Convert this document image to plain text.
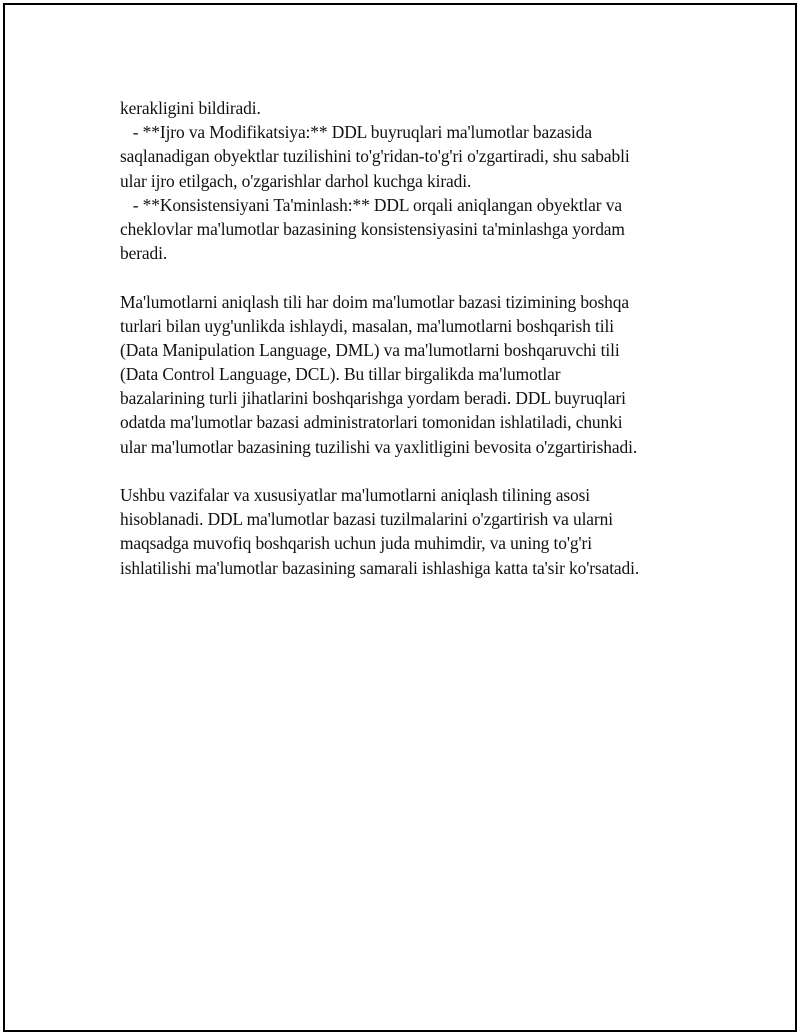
kerakligini bildiradi.
- **Ijro va Modifikatsiya:** DDL buyruqlari ma'lumotlar bazasida
saqlanadigan obyektlar tuzilishini to'g'ridan-to'g'ri o'zgartiradi, shu sababli
ular ijro etilgach, o'zgarishlar darhol kuchga kiradi.
- **Konsistensiyani Ta'minlash:** DDL orqali aniqlangan obyektlar va
cheklovlar ma'lumotlar bazasining konsistensiyasini ta'minlashga yordam
beradi.
Ma'lumotlarni aniqlash tili har doim ma'lumotlar bazasi tizimining boshqa
turlari bilan uyg'unlikda ishlaydi, masalan, ma'lumotlarni boshqarish tili
(Data Manipulation Language, DML) va ma'lumotlarni boshqaruvchi tili
(Data Control Language, DCL). Bu tillar birgalikda ma'lumotlar
bazalarining turli jihatlarini boshqarishga yordam beradi. DDL buyruqlari
odatda ma'lumotlar bazasi administratorlari tomonidan ishlatiladi, chunki
ular ma'lumotlar bazasining tuzilishi va yaxlitligini bevosita o'zgartirishadi.
Ushbu vazifalar va xususiyatlar ma'lumotlarni aniqlash tilining asosi
hisoblanadi. DDL ma'lumotlar bazasi tuzilmalarini o'zgartirish va ularni
maqsadga muvofiq boshqarish uchun juda muhimdir, va uning to'g'ri
ishlatilishi ma'lumotlar bazasining samarali ishlashiga katta ta'sir ko'rsatadi.
